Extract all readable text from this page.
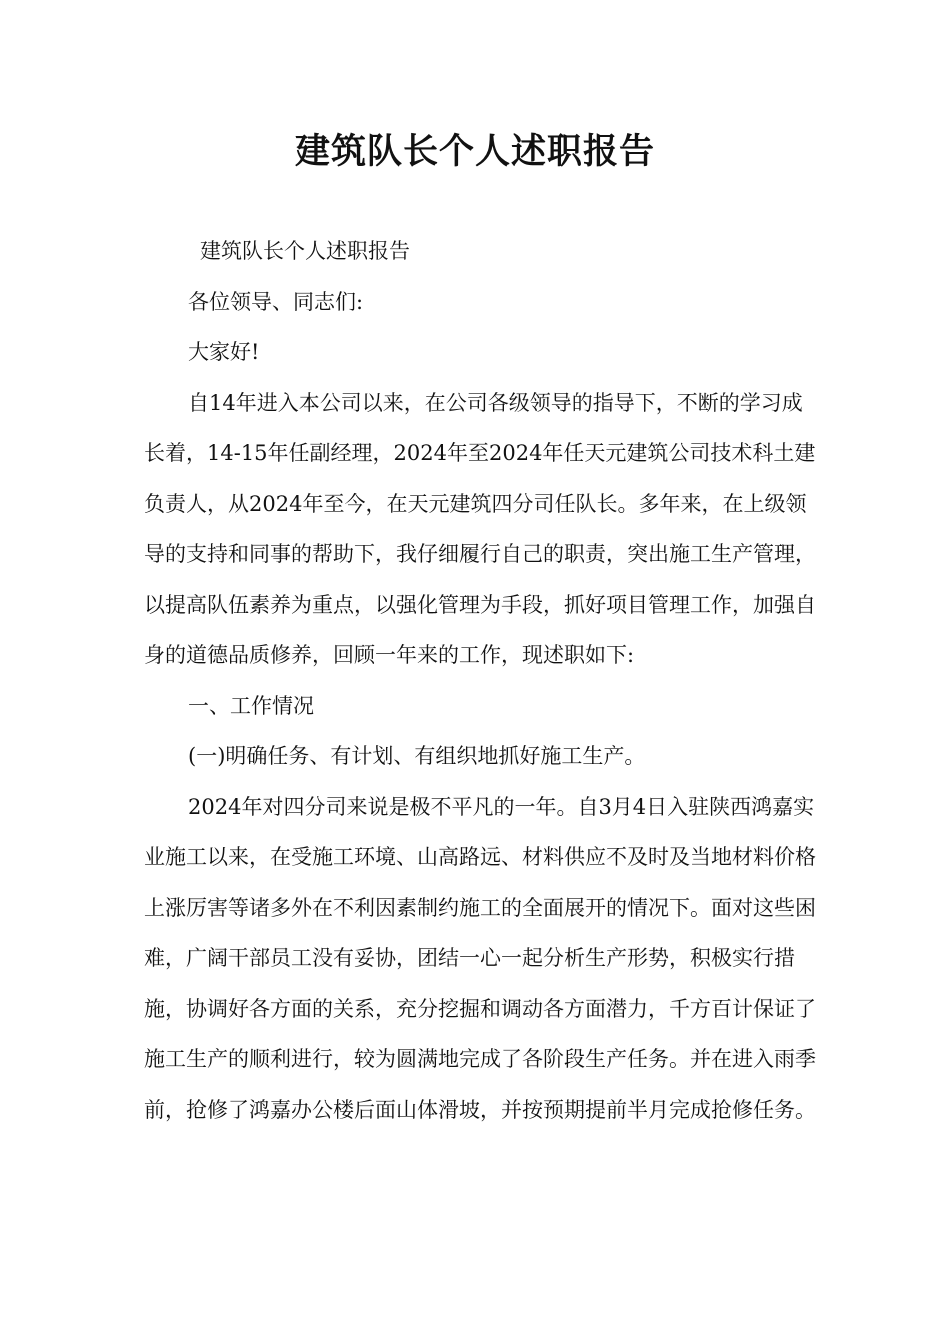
建筑队长个人述职报告

建筑队长个人述职报告

各位领导、同志们:

大家好!

自14年进入本公司以来，在公司各级领导的指导下，不断的学习成长着，14-15年任副经理，2024年至2024年任天元建筑公司技术科土建负责人，从2024年至今，在天元建筑四分司任队长。多年来，在上级领导的支持和同事的帮助下，我仔细履行自己的职责，突出施工生产管理，以提高队伍素养为重点，以强化管理为手段，抓好项目管理工作，加强自身的道德品质修养，回顾一年来的工作，现述职如下:

一、工作情况

(一)明确任务、有计划、有组织地抓好施工生产。

2024年对四分司来说是极不平凡的一年。自3月4日入驻陕西鸿嘉实业施工以来，在受施工环境、山高路远、材料供应不及时及当地材料价格上涨厉害等诸多外在不利因素制约施工的全面展开的情况下。面对这些困难，广阔干部员工没有妥协，团结一心一起分析生产形势，积极实行措施，协调好各方面的关系，充分挖掘和调动各方面潜力，千方百计保证了施工生产的顺利进行，较为圆满地完成了各阶段生产任务。并在进入雨季前，抢修了鸿嘉办公楼后面山体滑坡，并按预期提前半月完成抢修任务。
